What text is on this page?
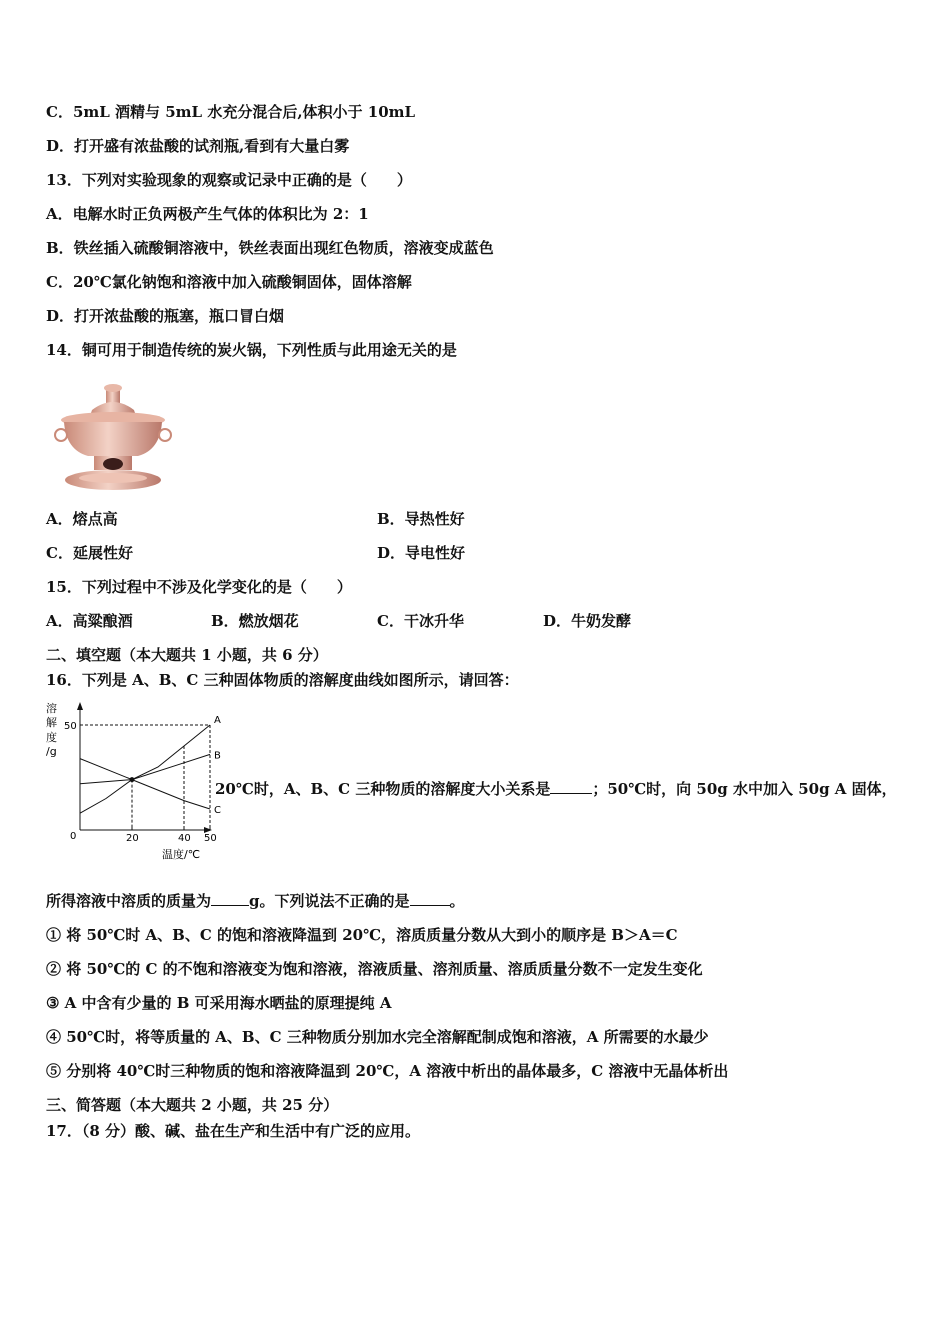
C．5mL 酒精与 5mL 水充分混合后,体积小于 10mL
D．打开盛有浓盐酸的试剂瓶,看到有大量白雾
13．下列对实验现象的观察或记录中正确的是（　　）
A．电解水时正负两极产生气体的体积比为 2：1
B．铁丝插入硫酸铜溶液中，铁丝表面出现红色物质，溶液变成蓝色
C．20℃氯化钠饱和溶液中加入硫酸铜固体，固体溶解
D．打开浓盐酸的瓶塞，瓶口冒白烟
14．铜可用于制造传统的炭火锅，下列性质与此用途无关的是
A．熔点高	B．导热性好
C．延展性好	D．导电性好
15．下列过程中不涉及化学变化的是（　　）
A．高粱酿酒	B．燃放烟花	C．干冰升华	D．牛奶发酵
二、填空题（本大题共 1 小题，共 6 分）
16．下列是 A、B、C 三种固体物质的溶解度曲线如图所示，请回答：
溶
解
度
/g
0	20	40 50
50
A
B
C
温度/℃
20℃时，A、B、C 三种物质的溶解度大小关系是	；50℃时，向 50g 水中加入 50g A 固体，
所得溶液中溶质的质量为	g。下列说法不正确的是	。
① 将 50℃时 A、B、C 的饱和溶液降温到 20℃，溶质质量分数从大到小的顺序是 B＞A＝C
② 将 50℃的 C 的不饱和溶液变为饱和溶液，溶液质量、溶剂质量、溶质质量分数不一定发生变化
③ A 中含有少量的 B 可采用海水晒盐的原理提纯 A
④ 50℃时，将等质量的 A、B、C 三种物质分别加水完全溶解配制成饱和溶液，A 所需要的水最少
⑤ 分别将 40℃时三种物质的饱和溶液降温到 20℃，A 溶液中析出的晶体最多，C 溶液中无晶体析出
三、简答题（本大题共 2 小题，共 25 分）
17．（8 分）酸、碱、盐在生产和生活中有广泛的应用。
